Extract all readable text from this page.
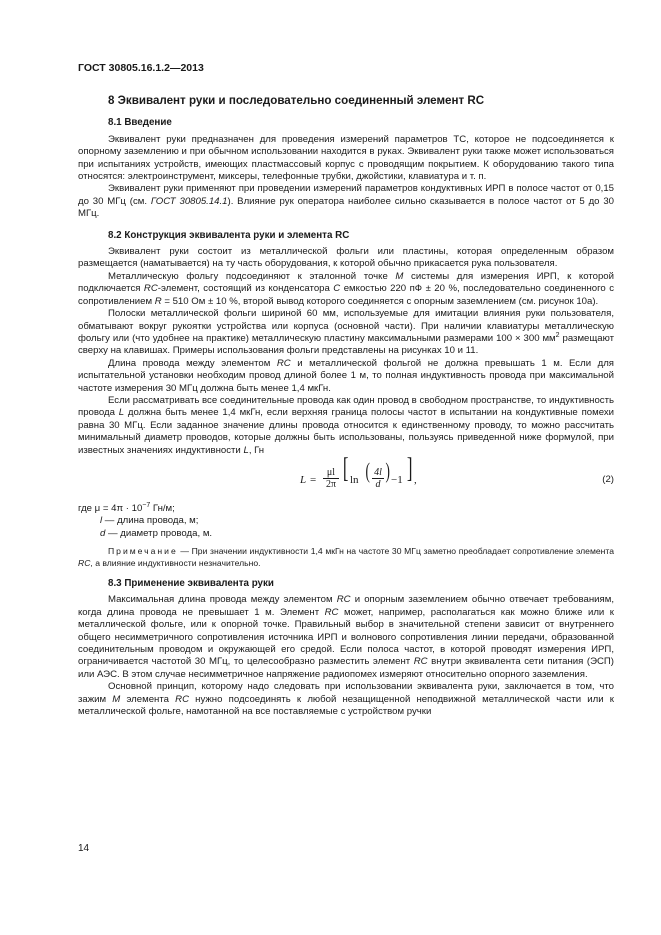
ГОСТ 30805.16.1.2—2013
8 Эквивалент руки и последовательно соединенный элемент RC
8.1 Введение

Эквивалент руки предназначен для проведения измерений параметров ТС, которое не подсоединяется к опорному заземлению и при обычном использовании находится в руках. Эквивалент руки также может использоваться при испытаниях устройств, имеющих пластмассовый корпус с проводящим покрытием. К оборудованию такого типа относятся: электроинструмент, миксеры, телефонные трубки, джойстики, клавиатура и т. п.

Эквивалент руки применяют при проведении измерений параметров кондуктивных ИРП в полосе частот от 0,15 до 30 МГц (см. ГОСТ 30805.14.1). Влияние рук оператора наиболее сильно сказывается в полосе частот от 5 до 30 МГц.

8.2 Конструкция эквивалента руки и элемента RC

Эквивалент руки состоит из металлической фольги или пластины, которая определенным образом размещается (наматывается) на ту часть оборудования, к которой обычно прикасается рука пользователя.

Металлическую фольгу подсоединяют к эталонной точке M системы для измерения ИРП, к которой подключается RC-элемент, состоящий из конденсатора C емкостью 220 пФ ± 20 %, последовательно соединенного с сопротивлением R = 510 Ом ± 10 %, второй вывод которого соединяется с опорным заземлением (см. рисунок 10а).

Полоски металлической фольги шириной 60 мм, используемые для имитации влияния руки пользователя, обматывают вокруг рукоятки устройства или корпуса (основной части). При наличии клавиатуры металлическую фольгу или (что удобнее на практике) металлическую пластину максимальными размерами 100 × 300 $мм^2$ размещают сверху на клавишах. Примеры использования фольги представлены на рисунках 10 и 11.

Длина провода между элементом RC и металлической фольгой не должна превышать 1 м. Если для испытательной установки необходим провод длиной более 1 м, то полная индуктивность провода при максимальной частоте измерения 30 МГц должна быть менее 1,4 мкГн.

Если рассматривать все соединительные провода как один провод в свободном пространстве, то индуктивность провода L должна быть менее 1,4 мкГн, если верхняя граница полосы частот в испытании на кондуктивные помехи равна 30 МГц. Если заданное значение длины провода относится к единственному проводу, то можно рассчитать минимальный диаметр проводов, которые должны быть использованы, пользуясь приведенной ниже формулой, при известных значениях индуктивности L, Гн

$L = \frac{\mu l}{2\pi}$ [ ln ( $\frac{4l}{d}$ ) −1 ] ,	(2)
где $\mu = 4\pi \cdot 10^{-7}$ Гн/м;
l — длина провода, м;
d — диаметр провода, м.
Примечание — При значении индуктивности 1,4 мкГн на частоте 30 МГц заметно преобладает сопротивление элемента RC, а влияние индуктивности незначительно.
8.3 Применение эквивалента руки

Максимальная длина провода между элементом RC и опорным заземлением обычно отвечает требованиям, когда длина провода не превышает 1 м. Элемент RC может, например, располагаться как можно ближе или к металлической фольге, или к опорной точке. Правильный выбор в значительной степени зависит от внутреннего общего несимметричного сопротивления источника ИРП и волнового сопротивления линии передачи, образованной соединительным проводом и окружающей его средой. Если полоса частот, в которой проводят измерения ИРП, ограничивается частотой 30 МГц, то целесообразно разместить элемент RC внутри эквивалента сети питания (ЭСП) или АЭС. В этом случае несимметричное напряжение радиопомех измеряют относительно опорного заземления.

Основной принцип, которому надо следовать при использовании эквивалента руки, заключается в том, что зажим M элемента RC нужно подсоединять к любой незащищенной неподвижной металлической части или к металлической фольге, намотанной на все поставляемые с устройством ручки

14
